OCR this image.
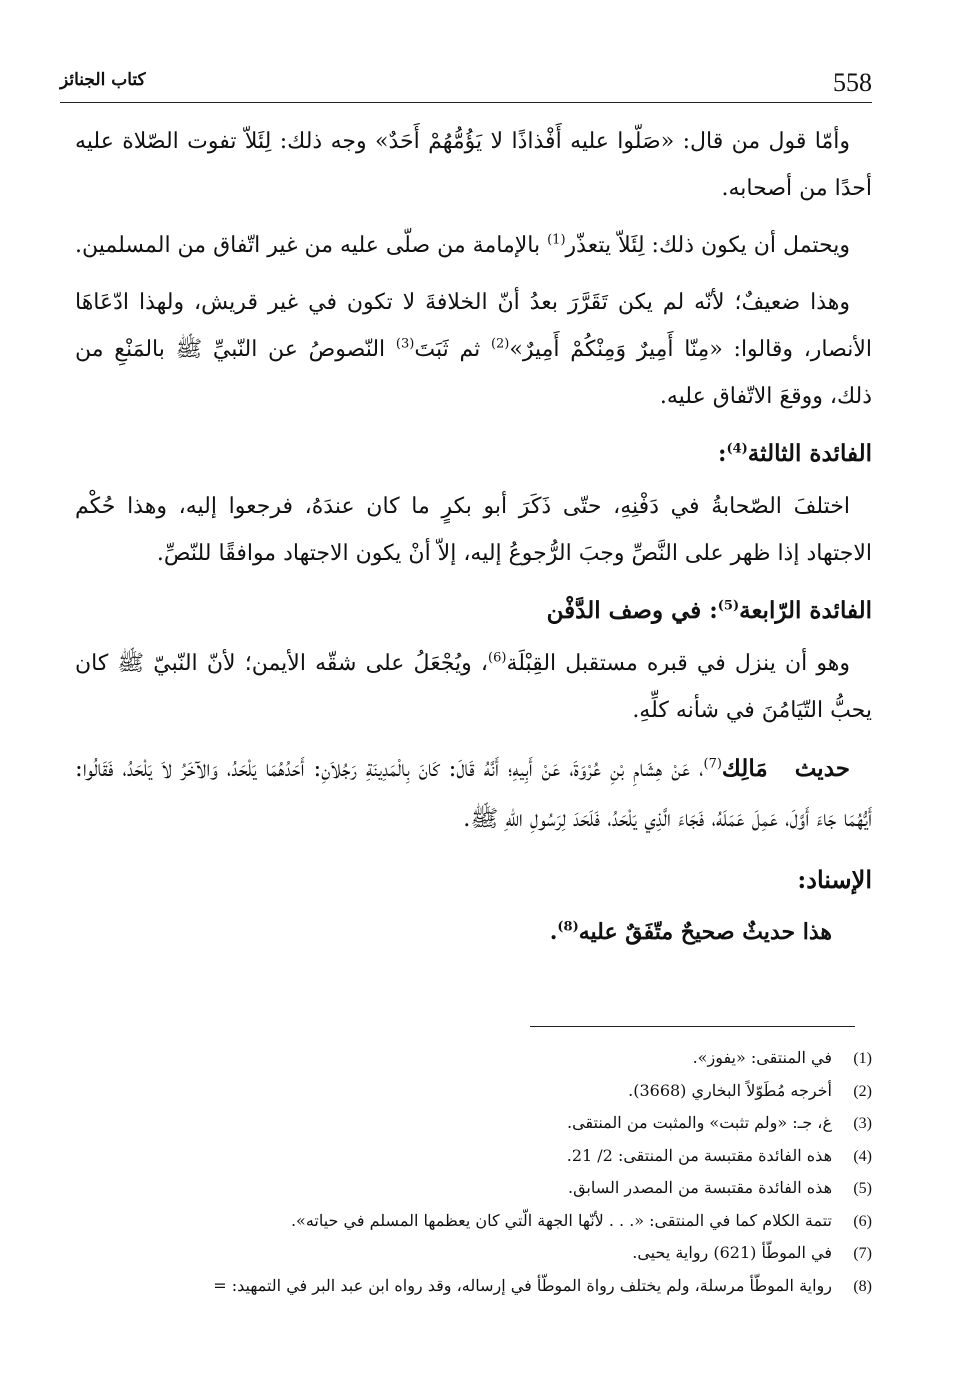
558
كتاب الجنائز

وأمّا قول من قال: «صَلّوا عليه أَفْذاذًا لا يَؤُمُّهُمْ أَحَدٌ» وجه ذلك: لِئَلاّ تفوت الصّلاة عليه أحدًا من أصحابه.

ويحتمل أن يكون ذلك: لِئَلاّ يتعذّر$^{(1)}$ بالإمامة من صلّى عليه من غير اتّفاق من المسلمين.

وهذا ضعيفٌ؛ لأنّه لم يكن تَقَرَّرَ بعدُ أنّ الخلافةَ لا تكون في غير قريش، ولهذا ادّعَاهَا الأنصار، وقالوا: «مِنّا أَمِيرٌ وَمِنْكُمْ أَمِيرٌ»$^{(2)}$ ثم ثَبَتَ$^{(3)}$ النّصوصُ عن النّبيِّ ﷺ بالمَنْعِ من ذلك، ووقعَ الاتّفاق عليه.

الفائدة الثالثة$^{(4)}$:

اختلفَ الصّحابةُ في دَفْنِهِ، حتّى ذَكَرَ أبو بكرٍ ما كان عندَهُ، فرجعوا إليه، وهذا حُكْم الاجتهاد إذا ظهر على النَّصِّ وجبَ الرُّجوعُ إليه، إلاّ أنْ يكون الاجتهاد موافقًا للنّصِّ.

الفائدة الرّابعة$^{(5)}$: في وصف الدَّفْن

وهو أن ينزل في قبره مستقبل القِبْلَة$^{(6)}$، ويُجْعَلُ على شقّه الأيمن؛ لأنّ النّبيّ ﷺ كان يحبُّ التّيَامُنَ في شأنه كلِّهِ.

حديث   مَالِك$^{(7)}$، عَنْ هِشَامِ بْنِ عُرْوَةَ، عَنْ أَبِيهِ؛ أَنَّهُ قَالَ: كَانَ بِالْمَدِينَةِ رَجُلاَنِ: أَحَدُهُمَا يَلْحَدُ، وَالآخَرُ لاَ يَلْحَدُ، فَقَالُوا: أَيُّهُمَا جَاءَ أَوَّلَ، عَمِلَ عَمَلَهُ، فَجَاءَ الَّذِي يَلْحَدُ، فَلَحَدَ لِرَسُولِ اللهِ ﷺ.

الإسناد:

هذا حديثٌ صحيحٌ متّفَقٌ عليه$^{(8)}$.

(1)في المنتقى: «يفوز».
(2)أخرجه مُطَوّلاً البخاري (3668).
(3)غ، جـ: «ولم تثبت» والمثبت من المنتقى.
(4)هذه الفائدة مقتبسة من المنتقى: 2/ 21.
(5)هذه الفائدة مقتبسة من المصدر السابق.
(6)تتمة الكلام كما في المنتقى: «. . . لأنّها الجهة الّتي كان يعظمها المسلم في حياته».
(7)في الموطّأ (621) رواية يحيى.
(8)رواية الموطّأ مرسلة، ولم يختلف رواة الموطّأ في إرساله، وقد رواه ابن عبد البر في التمهيد: =
